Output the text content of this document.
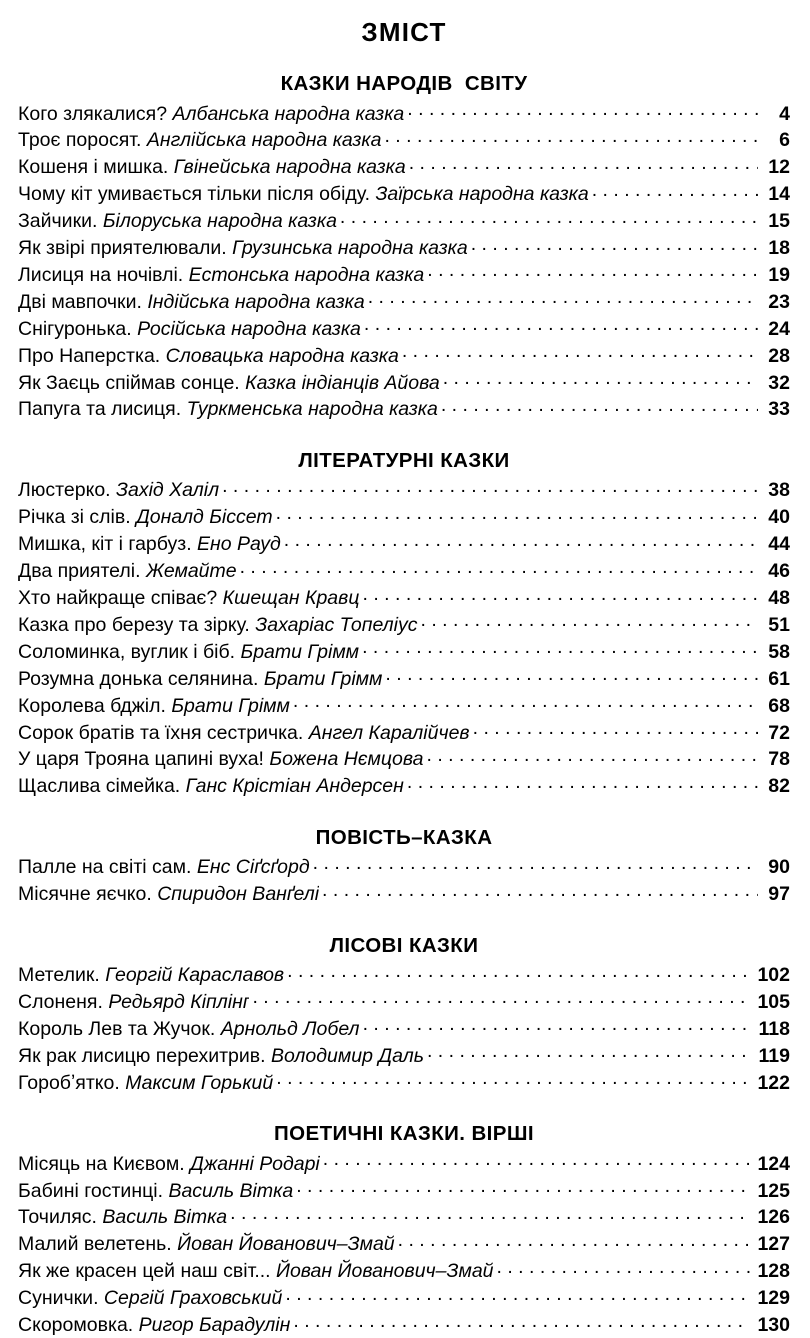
ЗМІСТ
КАЗКИ НАРОДІВ  СВІТУ
Кого злякалися? Албанська народна казка . . .	4
Троє поросят. Англійська народна казка . . .	6
Кошеня і мишка. Гвінейська народна казка . . .	12
Чому кіт умивається тільки після обіду. Заїрська народна казка . . .	14
Зайчики. Білоруська народна казка . . .	15
Як звірі приятелювали. Грузинська народна казка . . .	18
Лисиця на ночівлі. Естонська народна казка . . .	19
Дві мавпочки. Індійська народна казка . . .	23
Снігуронька. Російська народна казка . . .	24
Про Наперстка. Словацька народна казка . . .	28
Як Заєць спіймав сонце. Казка індіанців Айова . . .	32
Папуга та лисиця. Туркменська народна казка . . .	33
ЛІТЕРАТУРНІ КАЗКИ
Люстерко. Захід Халіл . . .	38
Річка зі слів. Доналд Біссет . . .	40
Мишка, кіт і гарбуз. Ено Рауд . . .	44
Два приятелі. Жемайте . . .	46
Хто найкраще співає? Кшещан Кравц . . .	48
Казка про березу та зірку. Захаріас Топеліус . . .	51
Соломинка, вуглик і біб. Брати Грімм . . .	58
Розумна донька селянина. Брати Грімм . . .	61
Королева бджіл. Брати Грімм . . .	68
Сорок братів та їхня сестричка. Ангел Каралійчев . . .	72
У царя Трояна цапині вуха! Божена Нємцова . . .	78
Щаслива сімейка. Ганс Крістіан Андерсен . . .	82
ПОВІСТЬ–КАЗКА
Палле на світі сам. Енс Сіґсґорд . . .	90
Місячне яєчко. Спиридон Ванґелі . . .	97
ЛІСОВІ КАЗКИ
Метелик. Георгій Караславов . . .	102
Слоненя. Редьярд Кіплінґ . . .	105
Король Лев та Жучок. Арнольд Лобел . . .	118
Як рак лисицю перехитрив. Володимир Даль . . .	119
Горобʼятко. Максим Горький . . .	122
ПОЕТИЧНІ КАЗКИ. ВІРШІ
Місяць на Києвом. Джанні Родарі . . .	124
Бабині гостинці. Василь Вітка . . .	125
Точиляс. Василь Вітка . . .	126
Малий велетень. Йован Йованович–Змай . . .	127
Як же красен цей наш світ... Йован Йованович–Змай . . .	128
Сунички. Сергій Граховський . . .	129
Скоромовка. Ригор Барадулін . . .	130
